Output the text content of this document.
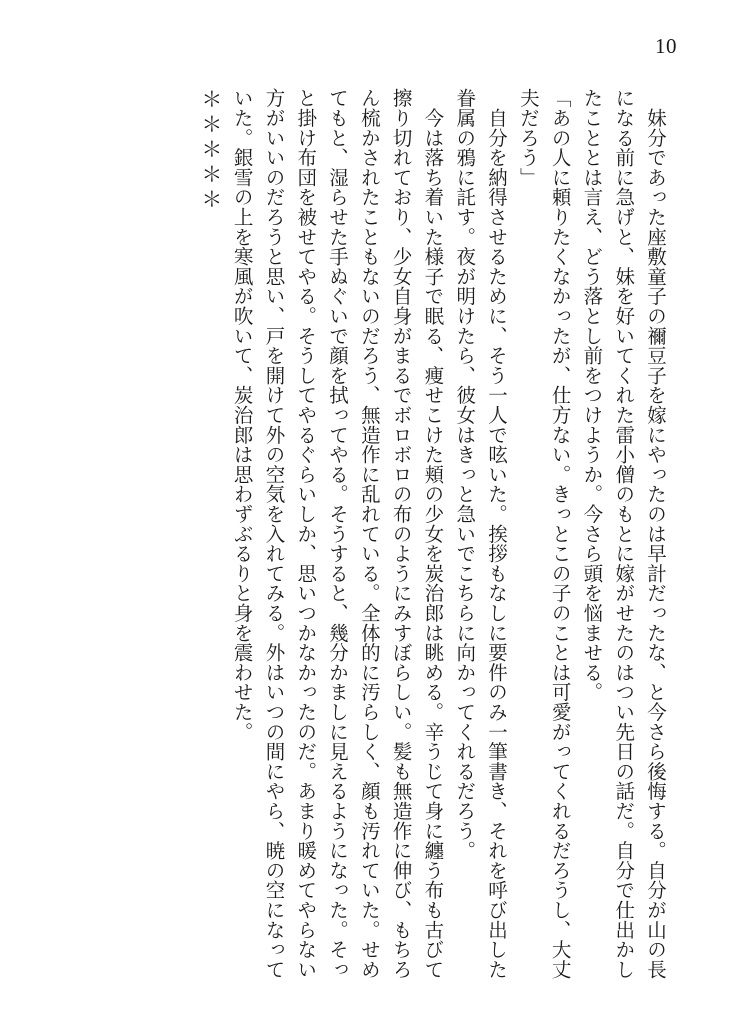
10

　妹分であった座敷童子の禰豆子を嫁にやったのは早計だったな、と今さら後悔する。自分が山の長

になる前に急げと、妹を好いてくれた雷小僧のもとに嫁がせたのはつい先日の話だ。自分で仕出かし

たこととは言え、どう落とし前をつけようか。今さら頭を悩ませる。

「あの人に頼りたくなかったが、仕方ない。きっとこの子のことは可愛がってくれるだろうし、大丈

夫だろう」

　自分を納得させるために、そう一人で呟いた。挨拶もなしに要件のみ一筆書き、それを呼び出した

眷属の鴉に託す。夜が明けたら、彼女はきっと急いでこちらに向かってくれるだろう。

　今は落ち着いた様子で眠る、痩せこけた頬の少女を炭治郎は眺める。辛うじて身に纏う布も古びて

擦り切れており、少女自身がまるでボロボロの布のようにみすぼらしい。髪も無造作に伸び、もちろ

ん梳かされたこともないのだろう、無造作に乱れている。全体的に汚らしく、顔も汚れていた。せめ

てもと、湿らせた手ぬぐいで顔を拭ってやる。そうすると、幾分かましに見えるようになった。そっ

と掛け布団を被せてやる。そうしてやるぐらいしか、思いつかなかったのだ。あまり暖めてやらない

方がいいのだろうと思い、戸を開けて外の空気を入れてみる。外はいつの間にやら、暁の空になって

いた。銀雪の上を寒風が吹いて、炭治郎は思わずぶるりと身を震わせた。

＊＊＊＊＊
